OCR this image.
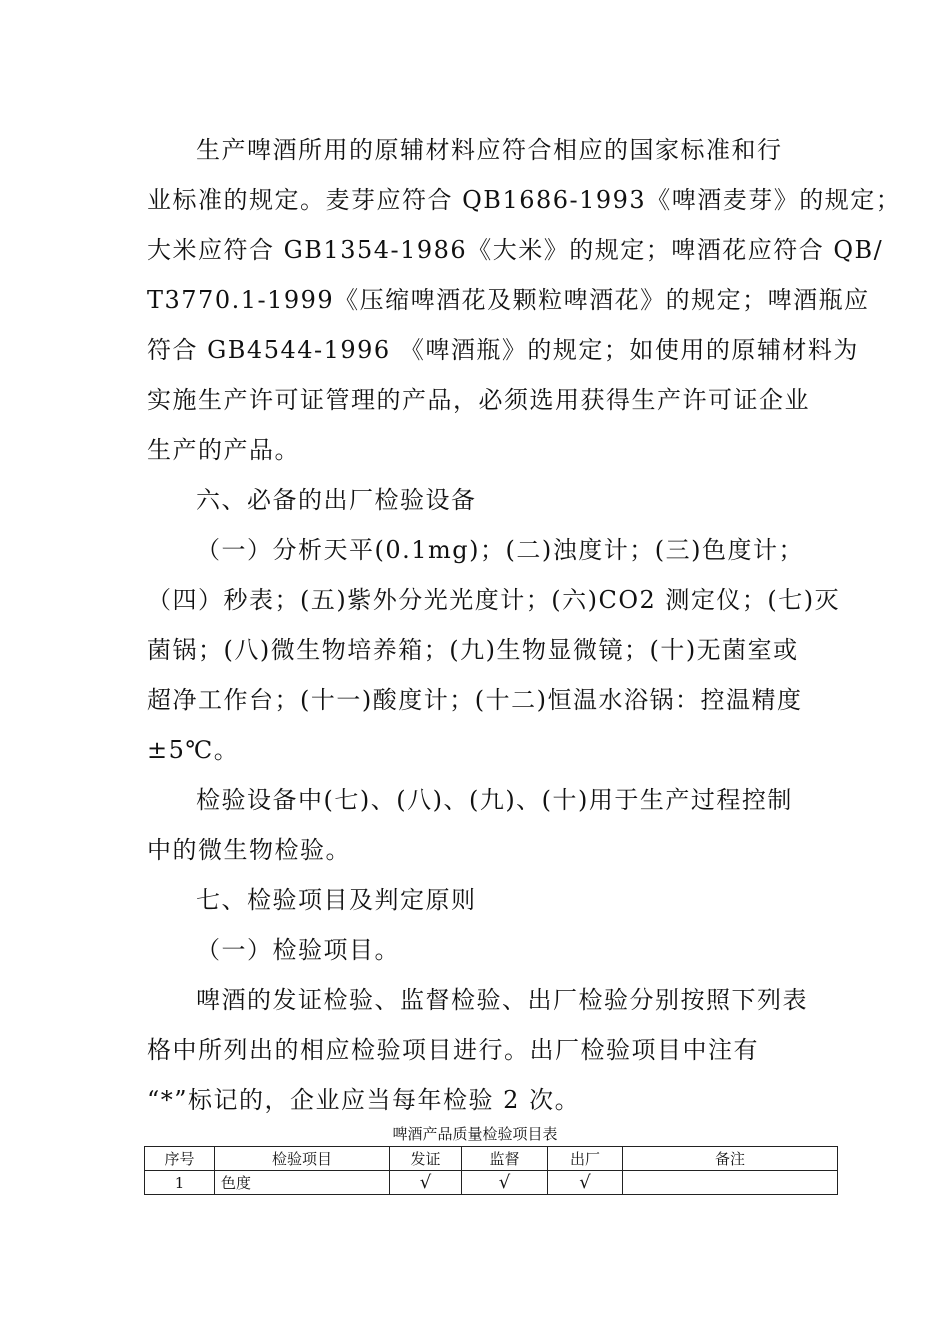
生产啤酒所用的原辅材料应符合相应的国家标准和行
业标准的规定。麦芽应符合 QB1686-1993《啤酒麦芽》的规定；
大米应符合 GB1354-1986《大米》的规定；啤酒花应符合 QB/
T3770.1-1999《压缩啤酒花及颗粒啤酒花》的规定；啤酒瓶应
符合 GB4544-1996 《啤酒瓶》的规定；如使用的原辅材料为
实施生产许可证管理的产品，必须选用获得生产许可证企业
生产的产品。
六、必备的出厂检验设备
（一）分析天平(0.1mg)；(二)浊度计；(三)色度计；
（四）秒表；(五)紫外分光光度计；(六)CO2 测定仪；(七)灭
菌锅；(八)微生物培养箱；(九)生物显微镜；(十)无菌室或
超净工作台；(十一)酸度计；(十二)恒温水浴锅：控温精度
±5℃。
检验设备中(七)、(八)、(九)、(十)用于生产过程控制
中的微生物检验。
七、检验项目及判定原则
（一）检验项目。
啤酒的发证检验、监督检验、出厂检验分别按照下列表
格中所列出的相应检验项目进行。出厂检验项目中注有
“*”标记的，企业应当每年检验 2 次。
啤酒产品质量检验项目表
序号	检验项目	发证	监督	出厂	备注
1	色度	√	√	√	
